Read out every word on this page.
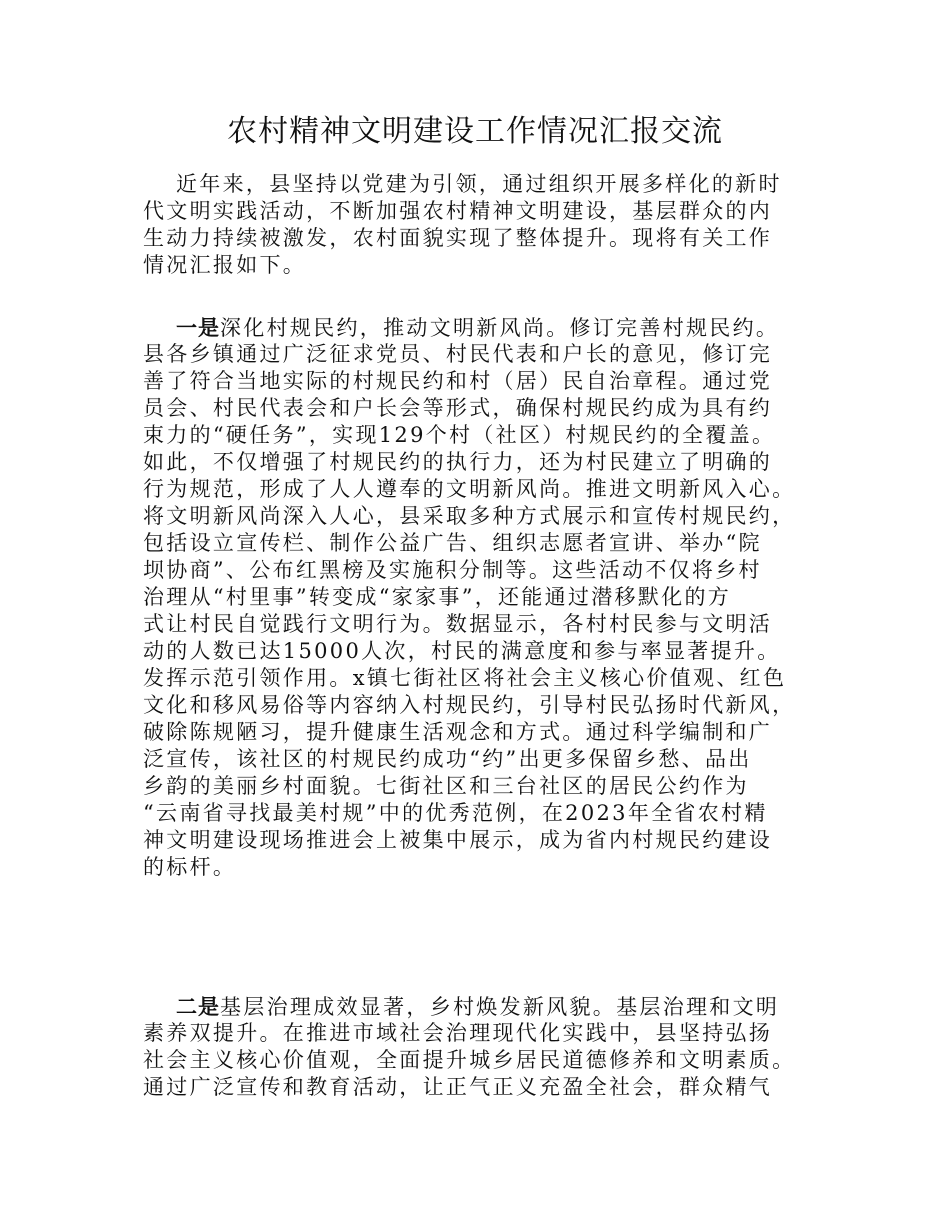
农村精神文明建设工作情况汇报交流
近年来，县坚持以党建为引领，通过组织开展多样化的新时
代文明实践活动，不断加强农村精神文明建设，基层群众的内
生动力持续被激发，农村面貌实现了整体提升。现将有关工作
情况汇报如下。
一是深化村规民约，推动文明新风尚。修订完善村规民约。
县各乡镇通过广泛征求党员、村民代表和户长的意见，修订完
善了符合当地实际的村规民约和村（居）民自治章程。通过党
员会、村民代表会和户长会等形式，确保村规民约成为具有约
束力的“硬任务”，实现129个村（社区）村规民约的全覆盖。
如此，不仅增强了村规民约的执行力，还为村民建立了明确的
行为规范，形成了人人遵奉的文明新风尚。推进文明新风入心。
将文明新风尚深入人心，县采取多种方式展示和宣传村规民约，
包括设立宣传栏、制作公益广告、组织志愿者宣讲、举办“院
坝协商”、公布红黑榜及实施积分制等。这些活动不仅将乡村
治理从“村里事”转变成“家家事”，还能通过潜移默化的方
式让村民自觉践行文明行为。数据显示，各村村民参与文明活
动的人数已达15000人次，村民的满意度和参与率显著提升。
发挥示范引领作用。x镇七街社区将社会主义核心价值观、红色
文化和移风易俗等内容纳入村规民约，引导村民弘扬时代新风，
破除陈规陋习，提升健康生活观念和方式。通过科学编制和广
泛宣传，该社区的村规民约成功“约”出更多保留乡愁、品出
乡韵的美丽乡村面貌。七街社区和三台社区的居民公约作为
“云南省寻找最美村规”中的优秀范例，在2023年全省农村精
神文明建设现场推进会上被集中展示，成为省内村规民约建设
的标杆。
二是基层治理成效显著，乡村焕发新风貌。基层治理和文明
素养双提升。在推进市域社会治理现代化实践中，县坚持弘扬
社会主义核心价值观，全面提升城乡居民道德修养和文明素质。
通过广泛宣传和教育活动，让正气正义充盈全社会，群众精气
